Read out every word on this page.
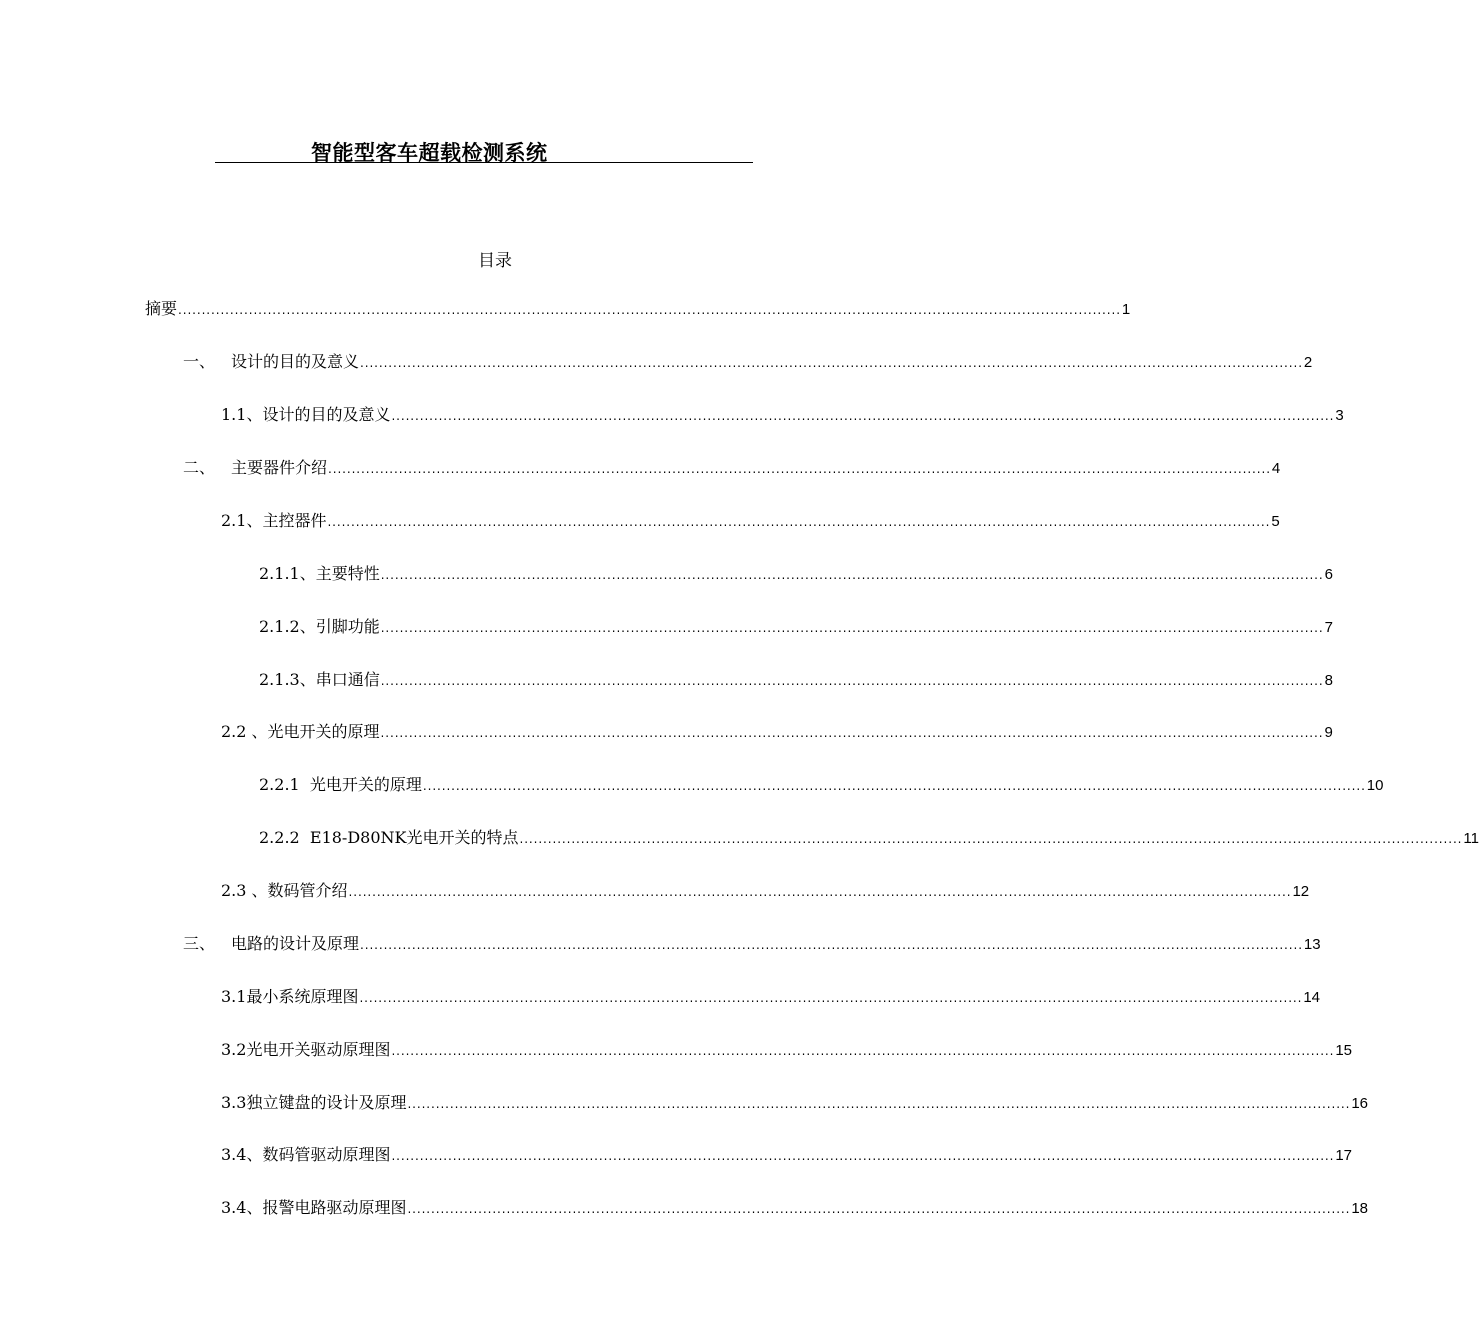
智能型客车超载检测系统
目录
摘要 ........................................................................................................................................................................................................ 1
一、 设计的目的及意义 ........................................................................................................................................................................................................ 2
1.1、设计的目的及意义 ........................................................................................................................................................................................................ 3
二、 主要器件介绍 ........................................................................................................................................................................................................ 4
2.1、主控器件 ........................................................................................................................................................................................................ 5
2.1.1、主要特性 ........................................................................................................................................................................................................ 6
2.1.2、引脚功能 ........................................................................................................................................................................................................ 7
2.1.3、串口通信 ........................................................................................................................................................................................................ 8
2.2 、光电开关的原理 ........................................................................................................................................................................................................ 9
2.2.1  光电开关的原理 ........................................................................................................................................................................................................ 10
2.2.2  E18-D80NK光电开关的特点 ........................................................................................................................................................................................................ 11
2.3 、数码管介绍 ........................................................................................................................................................................................................ 12
三、 电路的设计及原理 ........................................................................................................................................................................................................ 13
3.1最小系统原理图 ........................................................................................................................................................................................................ 14
3.2光电开关驱动原理图 ........................................................................................................................................................................................................ 15
3.3独立键盘的设计及原理 ........................................................................................................................................................................................................ 16
3.4、数码管驱动原理图 ........................................................................................................................................................................................................ 17
3.4、报警电路驱动原理图 ........................................................................................................................................................................................................ 18
